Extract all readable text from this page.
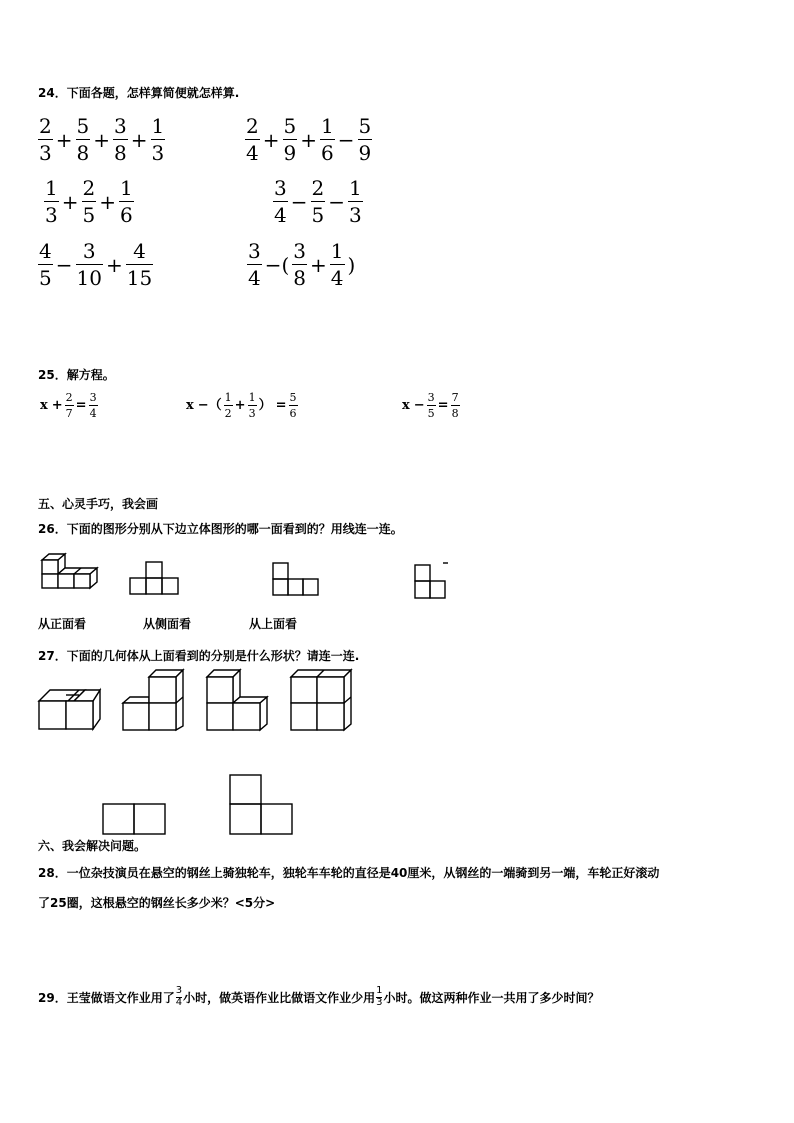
24．下面各题，怎样算简便就怎样算.
$\frac{2}{3} + \frac{5}{8} + \frac{3}{8} + \frac{1}{3}$	$\frac{2}{4} + \frac{5}{9} + \frac{1}{6} - \frac{5}{9}$
$\frac{1}{3} + \frac{2}{5} + \frac{1}{6}$	$\frac{3}{4} - \frac{2}{5} - \frac{1}{3}$
$\frac{4}{5} - \frac{3}{10} + \frac{4}{15}$	$\frac{3}{4}$ −( $\frac{3}{8} + \frac{1}{4}$ )
25．解方程。
$x + \frac{2}{7} = \frac{3}{4}$	x −（ $\frac{1}{2} + \frac{1}{3}$ ） = $\frac{5}{6}$	$x - \frac{3}{5} = \frac{7}{8}$
五、心灵手巧，我会画
26．下面的图形分别从下边立体图形的哪一面看到的？用线连一连。
从正面看	从侧面看	从上面看
27．下面的几何体从上面看到的分别是什么形状？请连一连.
六、我会解决问题。
28．一位杂技演员在悬空的钢丝上骑独轮车，独轮车车轮的直径是40厘米，从钢丝的一端骑到另一端，车轮正好滚动
了25圈，这根悬空的钢丝长多少米？<5分>
29．王莹做语文作业用了 $\frac{3}{4}$ 小时，做英语作业比做语文作业少用 $\frac{1}{3}$ 小时。做这两种作业一共用了多少时间？
